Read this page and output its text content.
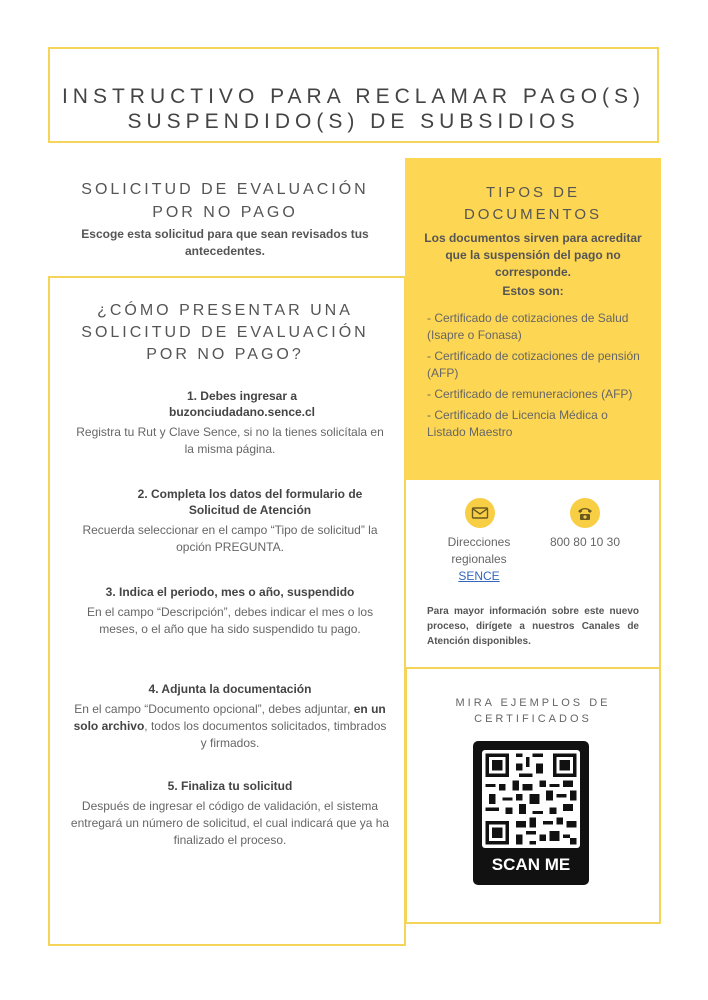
INSTRUCTIVO PARA RECLAMAR PAGO(S)
SUSPENDIDO(S) DE SUBSIDIOS
SOLICITUD DE EVALUACIÓN
POR NO PAGO
Escoge esta solicitud para que sean revisados tus antecedentes.
¿CÓMO PRESENTAR UNA
SOLICITUD DE EVALUACIÓN
POR NO PAGO?
1. Debes ingresar a buzonciudadano.sence.cl
Registra tu Rut y Clave Sence, si no la tienes solicítala en la misma página.
2. Completa los datos del formulario de Solicitud de Atención
Recuerda seleccionar en el campo “Tipo de solicitud” la opción PREGUNTA.
3. Indica el periodo, mes o año, suspendido
En el campo “Descripción”, debes indicar el mes o los meses, o el año que ha sido suspendido tu pago.
4. Adjunta la documentación
En el campo “Documento opcional”, debes adjuntar, en un solo archivo, todos los documentos solicitados, timbrados y firmados.
5. Finaliza tu solicitud
Después de ingresar el código de validación, el sistema entregará un número de solicitud, el cual indicará que ya ha finalizado el proceso.
TIPOS DE
DOCUMENTOS
Los documentos sirven para acreditar que la suspensión del pago no corresponde.
Estos son:
- Certificado de cotizaciones de Salud (Isapre o Fonasa)
- Certificado de cotizaciones de pensión (AFP)
- Certificado de remuneraciones (AFP)
- Certificado de Licencia Médica o Listado Maestro
Direcciones
regionales
SENCE
800 80 10 30
Para mayor información sobre este nuevo proceso, dirígete a nuestros Canales de Atención disponibles.
MIRA EJEMPLOS DE
CERTIFICADOS
SCAN ME
